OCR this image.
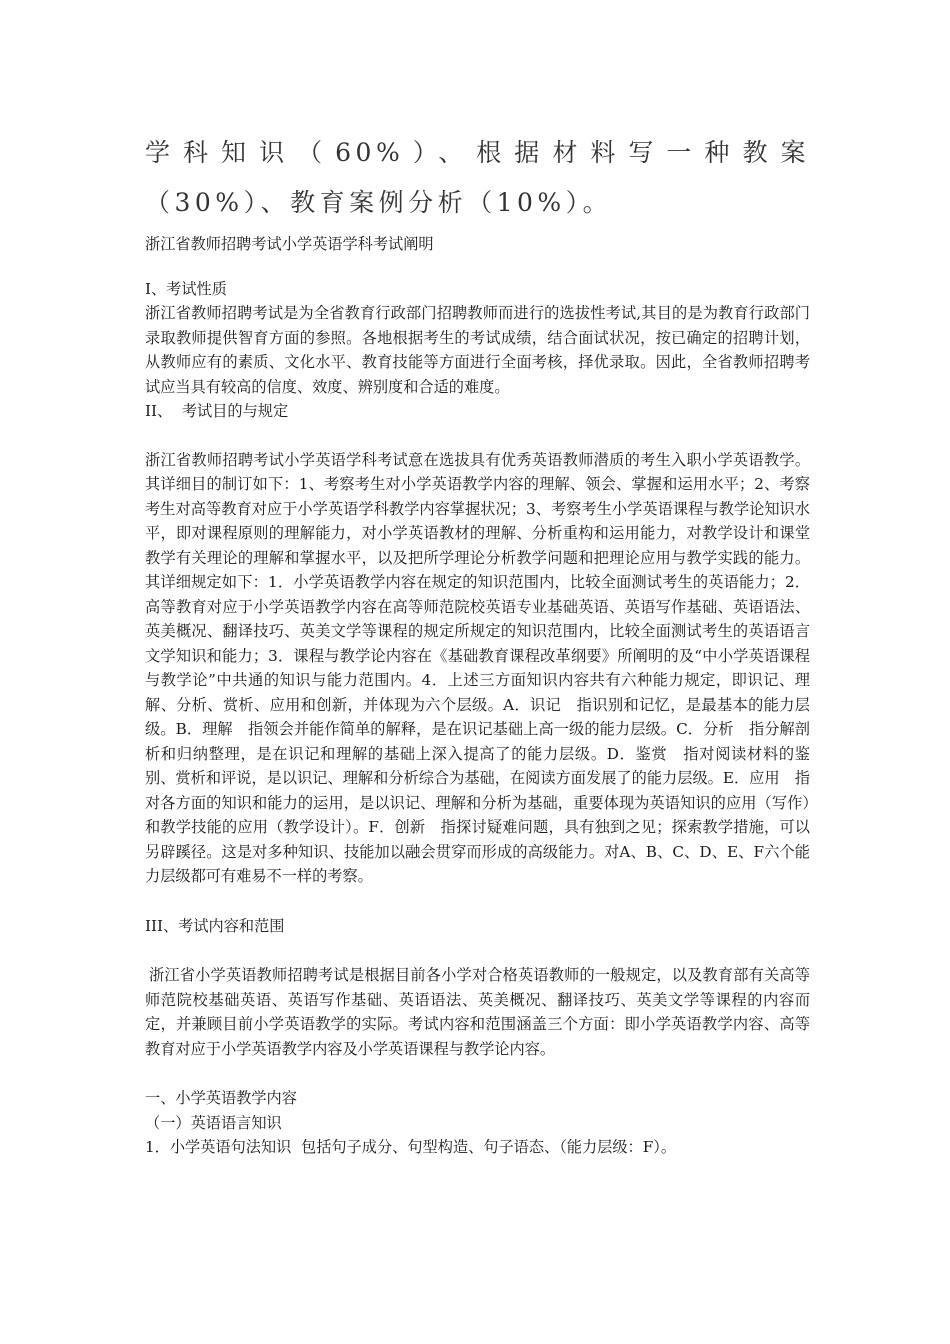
学科知识（60%）、根据材料写一种教案（30%）、教育案例分析（10%）。

浙江省教师招聘考试小学英语学科考试阐明

I、考试性质

浙江省教师招聘考试是为全省教育行政部门招聘教师而进行的选拔性考试,其目的是为教育行政部门录取教师提供智育方面的参照。各地根据考生的考试成绩，结合面试状况，按已确定的招聘计划，从教师应有的素质、文化水平、教育技能等方面进行全面考核，择优录取。因此，全省教师招聘考试应当具有较高的信度、效度、辨别度和合适的难度。

II、  考试目的与规定

浙江省教师招聘考试小学英语学科考试意在选拔具有优秀英语教师潜质的考生入职小学英语教学。其详细目的制订如下：1、考察考生对小学英语教学内容的理解、领会、掌握和运用水平；2、考察考生对高等教育对应于小学英语学科教学内容掌握状况；3、考察考生小学英语课程与教学论知识水平，即对课程原则的理解能力，对小学英语教材的理解、分析重构和运用能力，对教学设计和课堂教学有关理论的理解和掌握水平，以及把所学理论分析教学问题和把理论应用与教学实践的能力。其详细规定如下：1．小学英语教学内容在规定的知识范围内，比较全面测试考生的英语能力；2．高等教育对应于小学英语教学内容在高等师范院校英语专业基础英语、英语写作基础、英语语法、英美概况、翻译技巧、英美文学等课程的规定所规定的知识范围内，比较全面测试考生的英语语言文学知识和能力；3．课程与教学论内容在《基础教育课程改革纲要》所阐明的及“中小学英语课程与教学论”中共通的知识与能力范围内。4．上述三方面知识内容共有六种能力规定，即识记、理解、分析、赏析、应用和创新，并体现为六个层级。A．识记　指识别和记忆，是最基本的能力层级。B．理解　指领会并能作简单的解释，是在识记基础上高一级的能力层级。C．分析　指分解剖析和归纳整理，是在识记和理解的基础上深入提高了的能力层级。D．鉴赏　指对阅读材料的鉴别、赏析和评说，是以识记、理解和分析综合为基础，在阅读方面发展了的能力层级。E．应用　指对各方面的知识和能力的运用，是以识记、理解和分析为基础，重要体现为英语知识的应用（写作）和教学技能的应用（教学设计）。F．创新　指探讨疑难问题，具有独到之见；探索教学措施，可以另辟蹊径。这是对多种知识、技能加以融会贯穿而形成的高级能力。对A、B、C、D、E、F六个能力层级都可有难易不一样的考察。

III、考试内容和范围

浙江省小学英语教师招聘考试是根据目前各小学对合格英语教师的一般规定，以及教育部有关高等师范院校基础英语、英语写作基础、英语语法、英美概况、翻译技巧、英美文学等课程的内容而定，并兼顾目前小学英语教学的实际。考试内容和范围涵盖三个方面：即小学英语教学内容、高等教育对应于小学英语教学内容及小学英语课程与教学论内容。

一、小学英语教学内容

（一）英语语言知识

1．小学英语句法知识  包括句子成分、句型构造、句子语态、（能力层级：F）。
